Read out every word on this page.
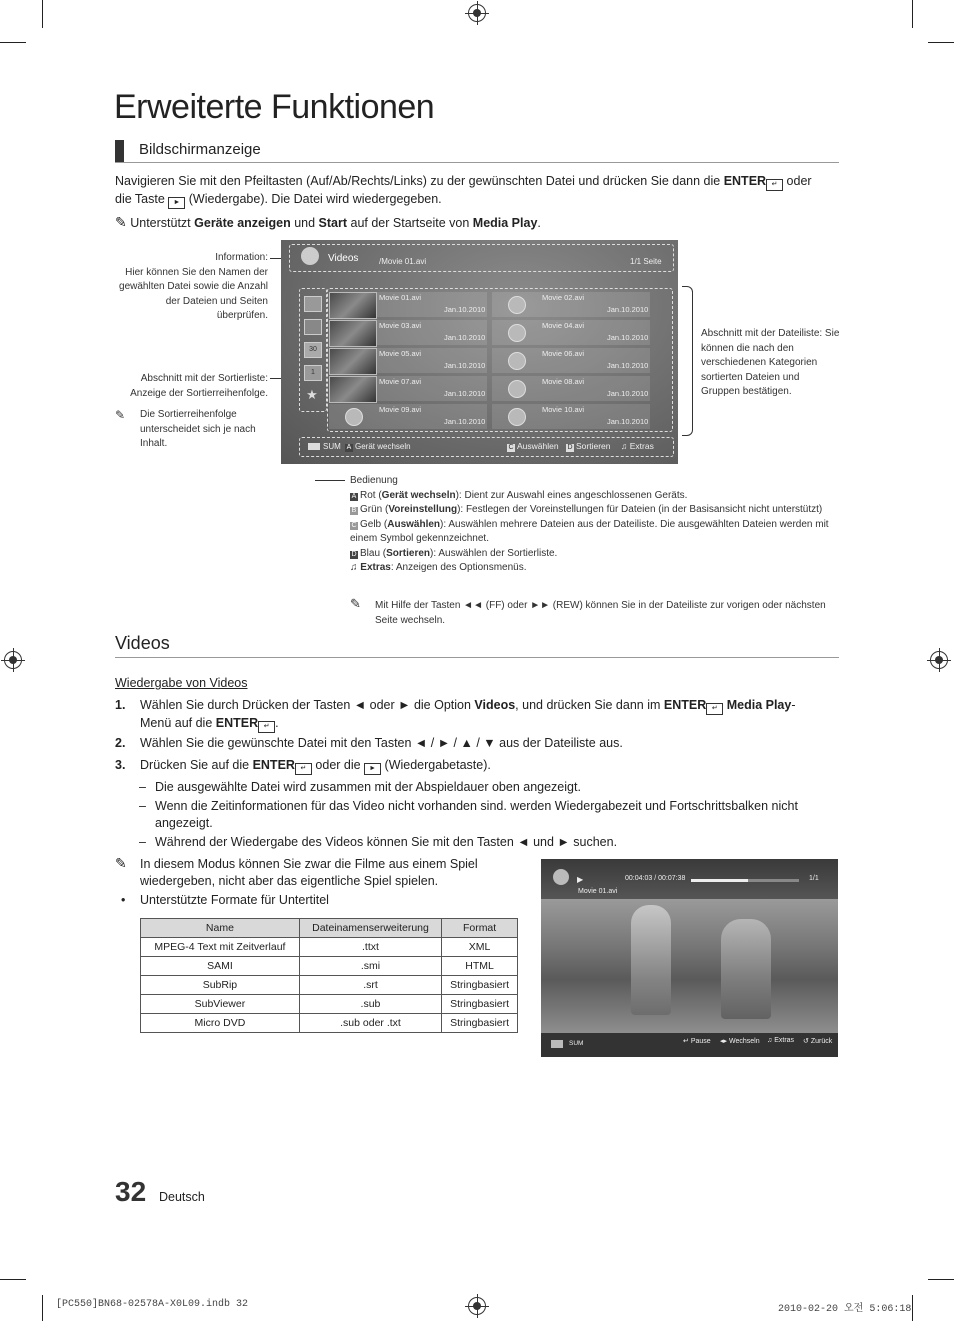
Erweiterte Funktionen
Bildschirmanzeige
Navigieren Sie mit den Pfeiltasten (Auf/Ab/Rechts/Links) zu der gewünschten Datei und drücken Sie dann die ENTER ↵ oder
die Taste ► (Wiedergabe). Die Datei wird wiedergegeben.
✎ Unterstützt Geräte anzeigen und Start auf der Startseite von Media Play.
Information:
Hier können Sie den Namen der gewählten Datei sowie die Anzahl der Dateien und Seiten überprüfen.
Abschnitt mit der Sortierliste:
Anzeige der Sortierreihenfolge.
✎ Die Sortierreihenfolge unterscheidet sich je nach Inhalt.
Abschnitt mit der Dateiliste: Sie können die nach den verschiedenen Kategorien sortierten Dateien und Gruppen bestätigen.
Videos	/Movie 01.avi	1/1 Seite
30
1
★
Movie 01.avi
Jan.10.2010
Movie 02.avi
Jan.10.2010
Movie 03.avi
Jan.10.2010
Movie 04.avi
Jan.10.2010
Movie 05.avi
Jan.10.2010
Movie 06.avi
Jan.10.2010
Movie 07.avi
Jan.10.2010
Movie 08.avi
Jan.10.2010
Movie 09.avi
Jan.10.2010
Movie 10.avi
Jan.10.2010
SUM A Gerät wechseln	C Auswählen D Sortieren ♫ Extras
Bedienung
A Rot (Gerät wechseln): Dient zur Auswahl eines angeschlossenen Geräts.
B Grün (Voreinstellung): Festlegen der Voreinstellungen für Dateien (in der Basisansicht nicht unterstützt)
C Gelb (Auswählen): Auswählen mehrere Dateien aus der Dateiliste. Die ausgewählten Dateien werden mit einem Symbol gekennzeichnet.
D Blau (Sortieren): Auswählen der Sortierliste.
♫ Extras: Anzeigen des Optionsmenüs.
✎ Mit Hilfe der Tasten ◄◄ (FF) oder ►► (REW) können Sie in der Dateiliste zur vorigen oder nächsten Seite wechseln.
Videos
Wiedergabe von Videos
1. Wählen Sie durch Drücken der Tasten ◄ oder ► die Option Videos, und drücken Sie dann im ENTER ↵ Media Play-
Menü auf die ENTER ↵ .
2. Wählen Sie die gewünschte Datei mit den Tasten ◄ / ► / ▲ / ▼ aus der Dateiliste aus.
3. Drücken Sie auf die ENTER ↵ oder die ► (Wiedergabetaste).
– Die ausgewählte Datei wird zusammen mit der Abspieldauer oben angezeigt.
– Wenn die Zeitinformationen für das Video nicht vorhanden sind. werden Wiedergabezeit und Fortschrittsbalken nicht angezeigt.
– Während der Wiedergabe des Videos können Sie mit den Tasten ◄ und ► suchen.
✎ In diesem Modus können Sie zwar die Filme aus einem Spiel wiedergeben, nicht aber das eigentliche Spiel spielen.
• Unterstützte Formate für Untertitel
Name	Dateinamenserweiterung	Format
MPEG-4 Text mit Zeitverlauf	.ttxt	XML
SAMI	.smi	HTML
SubRip	.srt	Stringbasiert
SubViewer	.sub	Stringbasiert
Micro DVD	.sub oder .txt	Stringbasiert
▶	00:04:03 / 00:07:38	1/1
Movie 01.avi
SUM	↵ Pause ◂▸ Wechseln ♫ Extras ↺ Zurück
32 Deutsch
[PC550]BN68-02578A-X0L09.indb 32	2010-02-20 오전 5:06:18
